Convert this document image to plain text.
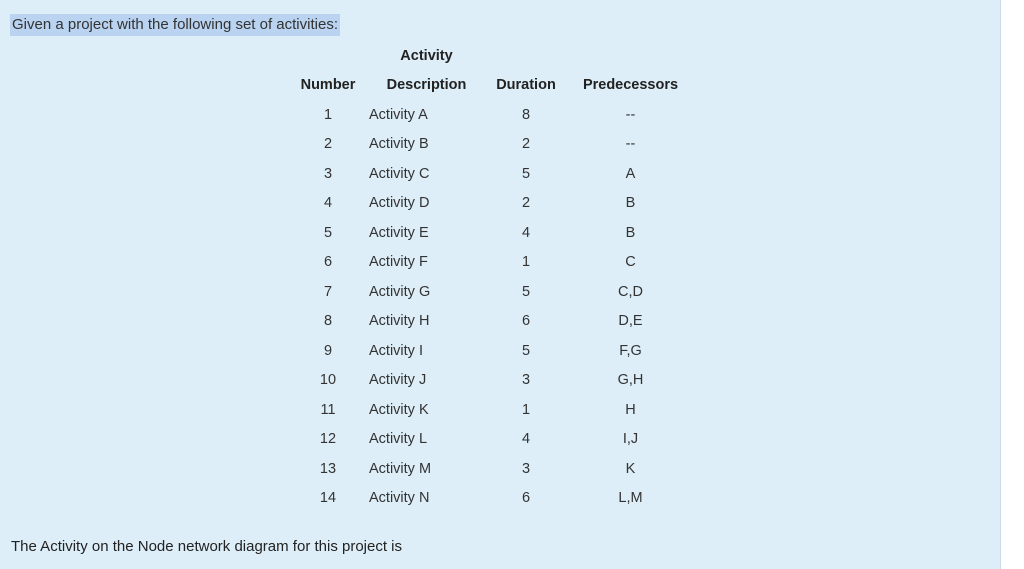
Given a project with the following set of activities:
	Activity		
Number	Description	Duration	Predecessors
1	Activity A	8	--
2	Activity B	2	--
3	Activity C	5	A
4	Activity D	2	B
5	Activity E	4	B
6	Activity F	1	C
7	Activity G	5	C,D
8	Activity H	6	D,E
9	Activity I	5	F,G
10	Activity J	3	G,H
11	Activity K	1	H
12	Activity L	4	I,J
13	Activity M	3	K
14	Activity N	6	L,M
The Activity on the Node network diagram for this project is
